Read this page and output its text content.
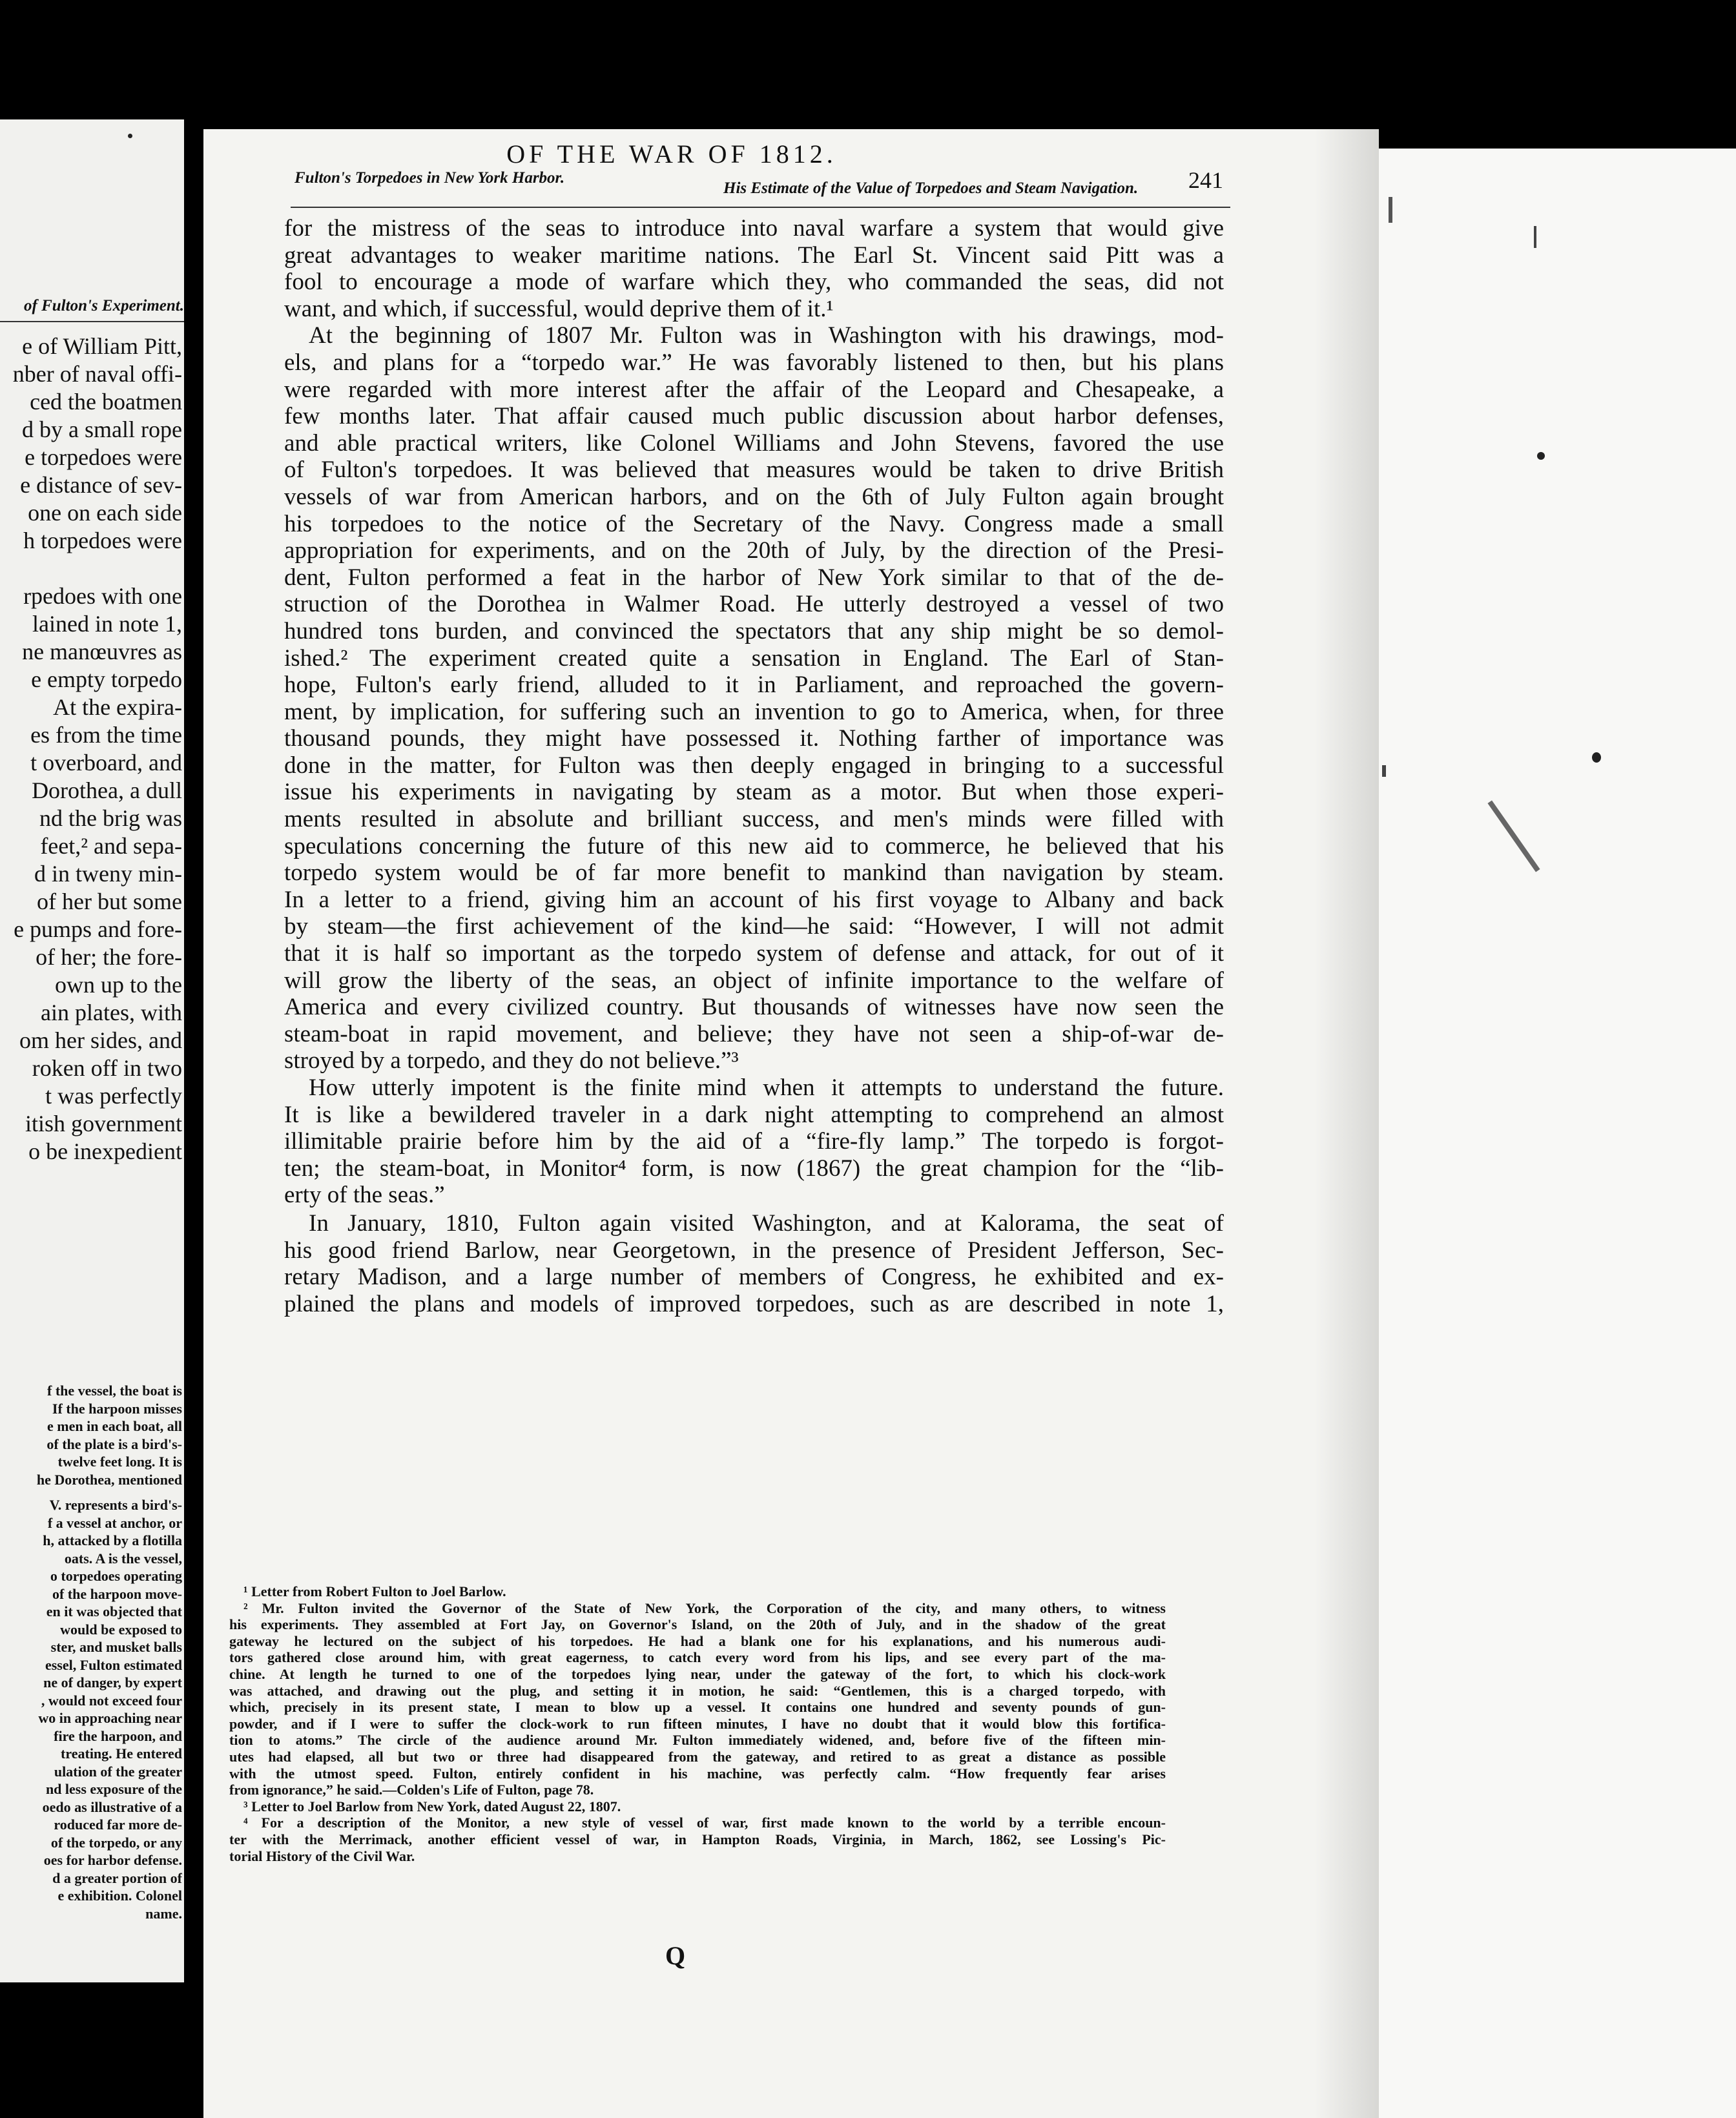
of Fulton's Experiment.
e of William Pitt,
nber of naval offi-
ced the boatmen
d by a small rope
e torpedoes were
e distance of sev-
one on each side
h torpedoes were
rpedoes with one
lained in note 1,
ne manœuvres as
e empty torpedo
At the expira-
es from the time
t overboard, and
Dorothea, a dull
nd the brig was
feet,² and sepa-
d in tweny min-
of her but some
e pumps and fore-
of her; the fore-
own up to the
ain plates, with
om her sides, and
roken off in two
t was perfectly
itish government
o be inexpedient
f the vessel, the boat is
If the harpoon misses
e men in each boat, all
of the plate is a bird's-
twelve feet long. It is
he Dorothea, mentioned
V. represents a bird's-
f a vessel at anchor, or
h, attacked by a flotilla
oats. A is the vessel,
o torpedoes operating
of the harpoon move-
en it was objected that
would be exposed to
ster, and musket balls
essel, Fulton estimated
ne of danger, by expert
, would not exceed four
wo in approaching near
fire the harpoon, and
treating. He entered
ulation of the greater
nd less exposure of the
oedo as illustrative of a
roduced far more de-
of the torpedo, or any
oes for harbor defense.
d a greater portion of
e exhibition. Colonel
name.
OF THE WAR OF 1812.
241
Fulton's Torpedoes in New York Harbor.
His Estimate of the Value of Torpedoes and Steam Navigation.
for the mistress of the seas to introduce into naval warfare a system that would give
great advantages to weaker maritime nations. The Earl St. Vincent said Pitt was a
fool to encourage a mode of warfare which they, who commanded the seas, did not
want, and which, if successful, would deprive them of it.¹
At the beginning of 1807 Mr. Fulton was in Washington with his drawings, mod-
els, and plans for a “torpedo war.” He was favorably listened to then, but his plans
were regarded with more interest after the affair of the Leopard and Chesapeake, a
few months later. That affair caused much public discussion about harbor defenses,
and able practical writers, like Colonel Williams and John Stevens, favored the use
of Fulton's torpedoes. It was believed that measures would be taken to drive British
vessels of war from American harbors, and on the 6th of July Fulton again brought
his torpedoes to the notice of the Secretary of the Navy. Congress made a small
appropriation for experiments, and on the 20th of July, by the direction of the Presi-
dent, Fulton performed a feat in the harbor of New York similar to that of the de-
struction of the Dorothea in Walmer Road. He utterly destroyed a vessel of two
hundred tons burden, and convinced the spectators that any ship might be so demol-
ished.² The experiment created quite a sensation in England. The Earl of Stan-
hope, Fulton's early friend, alluded to it in Parliament, and reproached the govern-
ment, by implication, for suffering such an invention to go to America, when, for three
thousand pounds, they might have possessed it. Nothing farther of importance was
done in the matter, for Fulton was then deeply engaged in bringing to a successful
issue his experiments in navigating by steam as a motor. But when those experi-
ments resulted in absolute and brilliant success, and men's minds were filled with
speculations concerning the future of this new aid to commerce, he believed that his
torpedo system would be of far more benefit to mankind than navigation by steam.
In a letter to a friend, giving him an account of his first voyage to Albany and back
by steam—the first achievement of the kind—he said: “However, I will not admit
that it is half so important as the torpedo system of defense and attack, for out of it
will grow the liberty of the seas, an object of infinite importance to the welfare of
America and every civilized country. But thousands of witnesses have now seen the
steam-boat in rapid movement, and believe; they have not seen a ship-of-war de-
stroyed by a torpedo, and they do not believe.”³
How utterly impotent is the finite mind when it attempts to understand the future.
It is like a bewildered traveler in a dark night attempting to comprehend an almost
illimitable prairie before him by the aid of a “fire-fly lamp.” The torpedo is forgot-
ten; the steam-boat, in Monitor⁴ form, is now (1867) the great champion for the “lib-
erty of the seas.”
In January, 1810, Fulton again visited Washington, and at Kalorama, the seat of
his good friend Barlow, near Georgetown, in the presence of President Jefferson, Sec-
retary Madison, and a large number of members of Congress, he exhibited and ex-
plained the plans and models of improved torpedoes, such as are described in note 1,
¹ Letter from Robert Fulton to Joel Barlow.
² Mr. Fulton invited the Governor of the State of New York, the Corporation of the city, and many others, to witness
his experiments. They assembled at Fort Jay, on Governor's Island, on the 20th of July, and in the shadow of the great
gateway he lectured on the subject of his torpedoes. He had a blank one for his explanations, and his numerous audi-
tors gathered close around him, with great eagerness, to catch every word from his lips, and see every part of the ma-
chine. At length he turned to one of the torpedoes lying near, under the gateway of the fort, to which his clock-work
was attached, and drawing out the plug, and setting it in motion, he said: “Gentlemen, this is a charged torpedo, with
which, precisely in its present state, I mean to blow up a vessel. It contains one hundred and seventy pounds of gun-
powder, and if I were to suffer the clock-work to run fifteen minutes, I have no doubt that it would blow this fortifica-
tion to atoms.” The circle of the audience around Mr. Fulton immediately widened, and, before five of the fifteen min-
utes had elapsed, all but two or three had disappeared from the gateway, and retired to as great a distance as possible
with the utmost speed. Fulton, entirely confident in his machine, was perfectly calm. “How frequently fear arises
from ignorance,” he said.—Colden's Life of Fulton, page 78.
³ Letter to Joel Barlow from New York, dated August 22, 1807.
⁴ For a description of the Monitor, a new style of vessel of war, first made known to the world by a terrible encoun-
ter with the Merrimack, another efficient vessel of war, in Hampton Roads, Virginia, in March, 1862, see Lossing's Pic-
torial History of the Civil War.
Q
